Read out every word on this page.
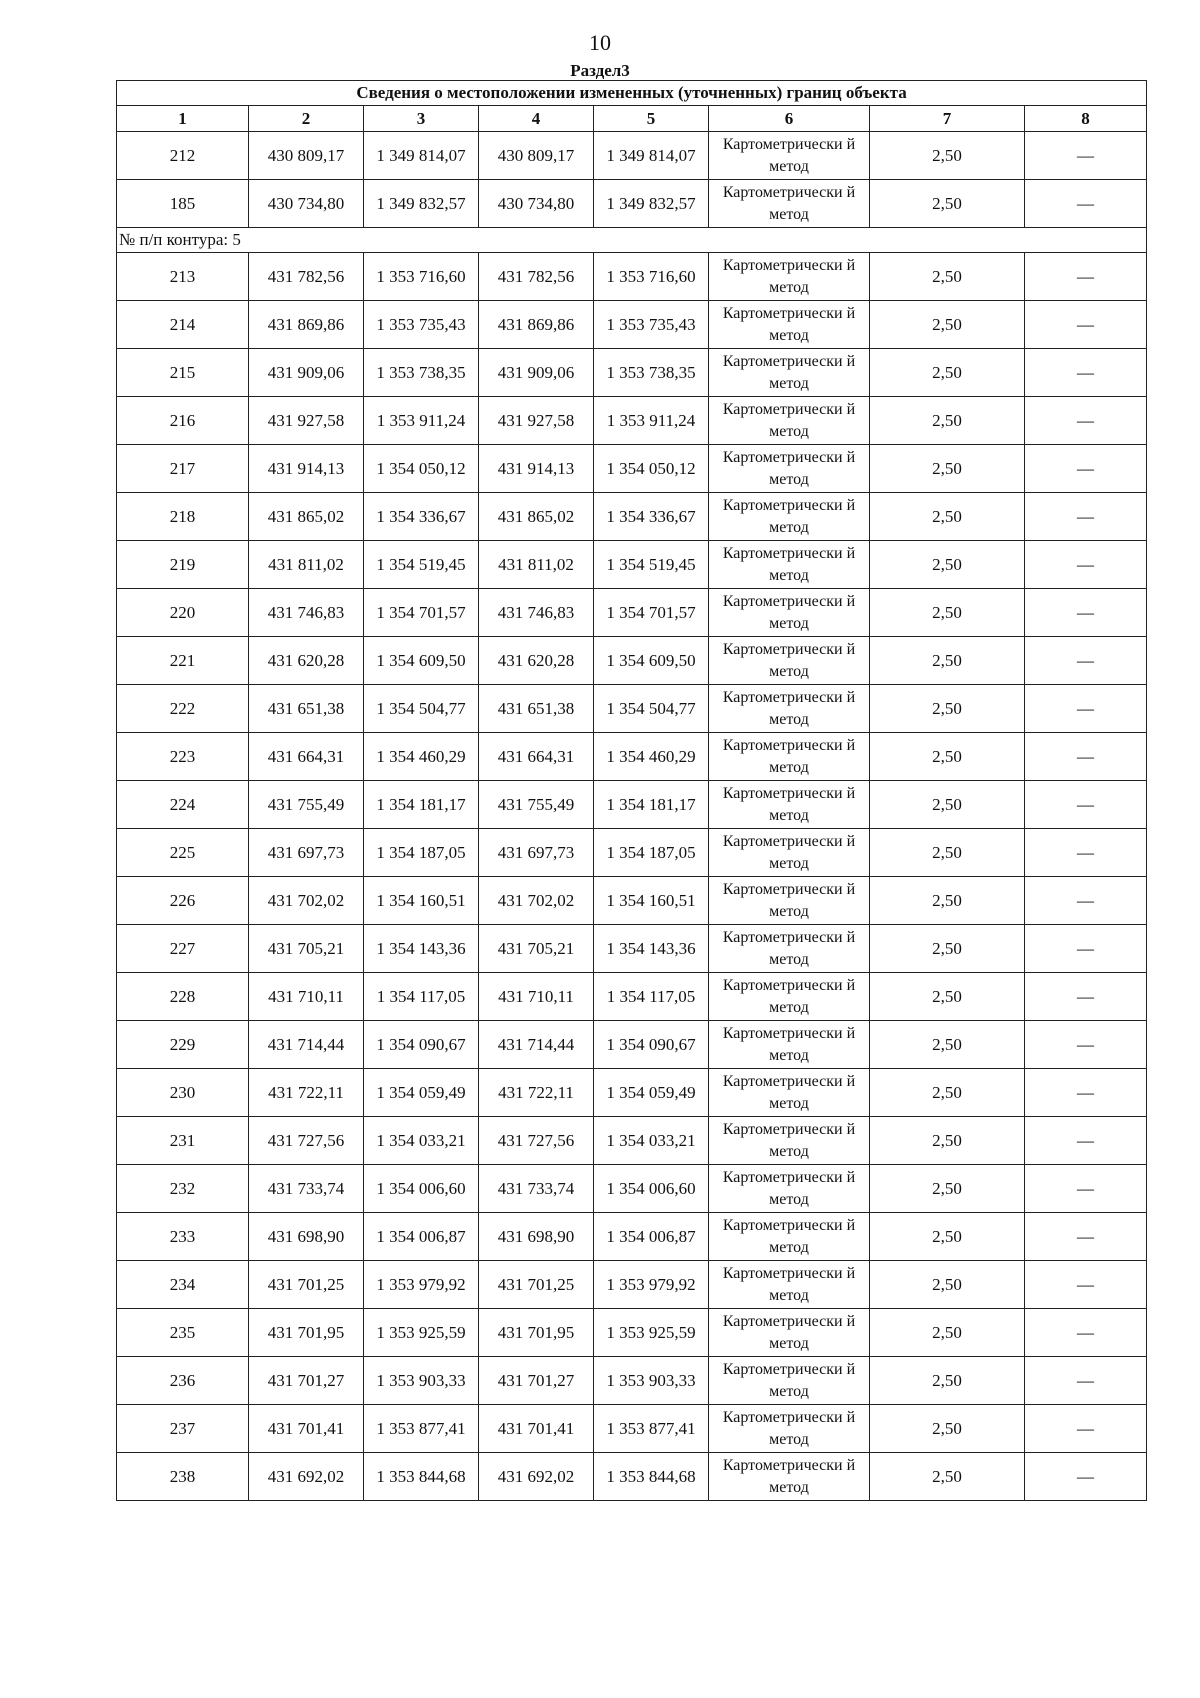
10
Раздел3
Сведения о местоположении измененных (уточненных) границ объекта							
1	2	3	4	5	6	7	8
212	430 809,17	1 349 814,07	430 809,17	1 349 814,07	Картометрически й метод	2,50	—
185	430 734,80	1 349 832,57	430 734,80	1 349 832,57	Картометрически й метод	2,50	—
№ п/п контура: 5							
213	431 782,56	1 353 716,60	431 782,56	1 353 716,60	Картометрически й метод	2,50	—
214	431 869,86	1 353 735,43	431 869,86	1 353 735,43	Картометрически й метод	2,50	—
215	431 909,06	1 353 738,35	431 909,06	1 353 738,35	Картометрически й метод	2,50	—
216	431 927,58	1 353 911,24	431 927,58	1 353 911,24	Картометрически й метод	2,50	—
217	431 914,13	1 354 050,12	431 914,13	1 354 050,12	Картометрически й метод	2,50	—
218	431 865,02	1 354 336,67	431 865,02	1 354 336,67	Картометрически й метод	2,50	—
219	431 811,02	1 354 519,45	431 811,02	1 354 519,45	Картометрически й метод	2,50	—
220	431 746,83	1 354 701,57	431 746,83	1 354 701,57	Картометрически й метод	2,50	—
221	431 620,28	1 354 609,50	431 620,28	1 354 609,50	Картометрически й метод	2,50	—
222	431 651,38	1 354 504,77	431 651,38	1 354 504,77	Картометрически й метод	2,50	—
223	431 664,31	1 354 460,29	431 664,31	1 354 460,29	Картометрически й метод	2,50	—
224	431 755,49	1 354 181,17	431 755,49	1 354 181,17	Картометрически й метод	2,50	—
225	431 697,73	1 354 187,05	431 697,73	1 354 187,05	Картометрически й метод	2,50	—
226	431 702,02	1 354 160,51	431 702,02	1 354 160,51	Картометрически й метод	2,50	—
227	431 705,21	1 354 143,36	431 705,21	1 354 143,36	Картометрически й метод	2,50	—
228	431 710,11	1 354 117,05	431 710,11	1 354 117,05	Картометрически й метод	2,50	—
229	431 714,44	1 354 090,67	431 714,44	1 354 090,67	Картометрически й метод	2,50	—
230	431 722,11	1 354 059,49	431 722,11	1 354 059,49	Картометрически й метод	2,50	—
231	431 727,56	1 354 033,21	431 727,56	1 354 033,21	Картометрически й метод	2,50	—
232	431 733,74	1 354 006,60	431 733,74	1 354 006,60	Картометрически й метод	2,50	—
233	431 698,90	1 354 006,87	431 698,90	1 354 006,87	Картометрически й метод	2,50	—
234	431 701,25	1 353 979,92	431 701,25	1 353 979,92	Картометрически й метод	2,50	—
235	431 701,95	1 353 925,59	431 701,95	1 353 925,59	Картометрически й метод	2,50	—
236	431 701,27	1 353 903,33	431 701,27	1 353 903,33	Картометрически й метод	2,50	—
237	431 701,41	1 353 877,41	431 701,41	1 353 877,41	Картометрически й метод	2,50	—
238	431 692,02	1 353 844,68	431 692,02	1 353 844,68	Картометрически й метод	2,50	—
